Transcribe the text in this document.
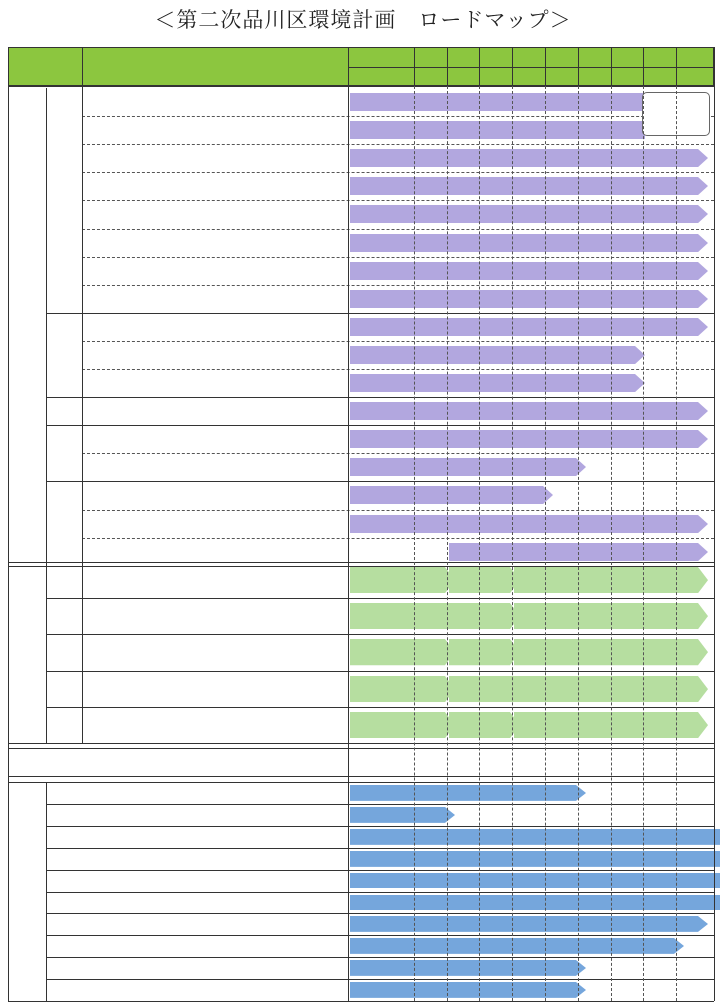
＜第二次品川区環境計画　ロードマップ＞
